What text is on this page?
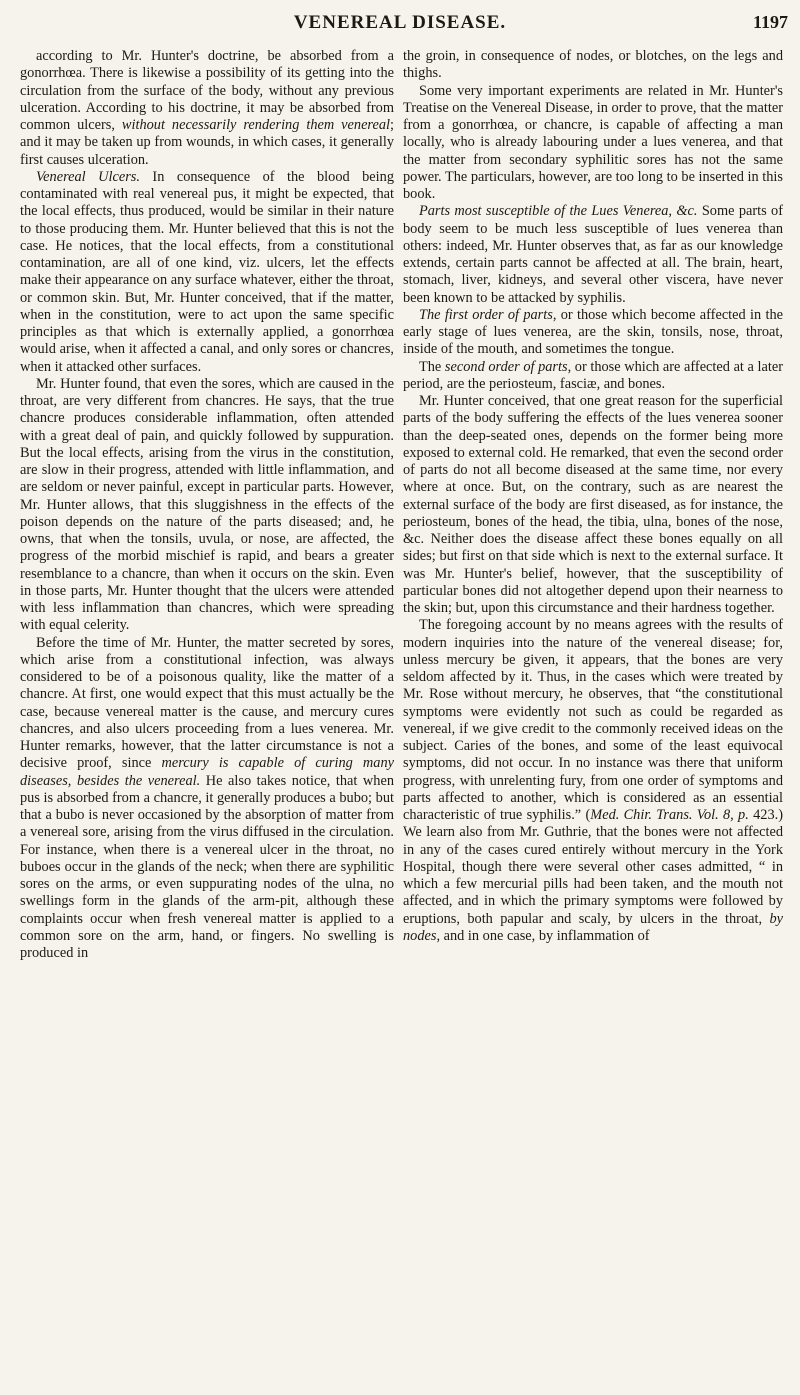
VENEREAL DISEASE.	1197

according to Mr. Hunter's doctrine, be absorbed from a gonorrhœa. There is likewise a possibility of its getting into the circulation from the surface of the body, without any previous ulceration. According to his doctrine, it may be absorbed from common ulcers, without necessarily rendering them venereal; and it may be taken up from wounds, in which cases, it generally first causes ulceration.

Venereal Ulcers. In consequence of the blood being contaminated with real venereal pus, it might be expected, that the local effects, thus produced, would be similar in their nature to those producing them. Mr. Hunter believed that this is not the case. He notices, that the local effects, from a constitutional contamination, are all of one kind, viz. ulcers, let the effects make their appearance on any surface whatever, either the throat, or common skin. But, Mr. Hunter conceived, that if the matter, when in the constitution, were to act upon the same specific principles as that which is externally applied, a gonorrhœa would arise, when it affected a canal, and only sores or chancres, when it attacked other surfaces.

Mr. Hunter found, that even the sores, which are caused in the throat, are very different from chancres. He says, that the true chancre produces considerable inflammation, often attended with a great deal of pain, and quickly followed by suppuration. But the local effects, arising from the virus in the constitution, are slow in their progress, attended with little inflammation, and are seldom or never painful, except in particular parts. However, Mr. Hunter allows, that this sluggishness in the effects of the poison depends on the nature of the parts diseased; and, he owns, that when the tonsils, uvula, or nose, are affected, the progress of the morbid mischief is rapid, and bears a greater resemblance to a chancre, than when it occurs on the skin. Even in those parts, Mr. Hunter thought that the ulcers were attended with less inflammation than chancres, which were spreading with equal celerity.

Before the time of Mr. Hunter, the matter secreted by sores, which arise from a constitutional infection, was always considered to be of a poisonous quality, like the matter of a chancre. At first, one would expect that this must actually be the case, because venereal matter is the cause, and mercury cures chancres, and also ulcers proceeding from a lues venerea. Mr. Hunter remarks, however, that the latter circumstance is not a decisive proof, since mercury is capable of curing many diseases, besides the venereal. He also takes notice, that when pus is absorbed from a chancre, it generally produces a bubo; but that a bubo is never occasioned by the absorption of matter from a venereal sore, arising from the virus diffused in the circulation. For instance, when there is a venereal ulcer in the throat, no buboes occur in the glands of the neck; when there are syphilitic sores on the arms, or even suppurating nodes of the ulna, no swellings form in the glands of the arm-pit, although these complaints occur when fresh venereal matter is applied to a common sore on the arm, hand, or fingers. No swelling is produced in

the groin, in consequence of nodes, or blotches, on the legs and thighs.

Some very important experiments are related in Mr. Hunter's Treatise on the Venereal Disease, in order to prove, that the matter from a gonorrhœa, or chancre, is capable of affecting a man locally, who is already labouring under a lues venerea, and that the matter from secondary syphilitic sores has not the same power. The particulars, however, are too long to be inserted in this book.

Parts most susceptible of the Lues Venerea, &c. Some parts of body seem to be much less susceptible of lues venerea than others: indeed, Mr. Hunter observes that, as far as our knowledge extends, certain parts cannot be affected at all. The brain, heart, stomach, liver, kidneys, and several other viscera, have never been known to be attacked by syphilis.

The first order of parts, or those which become affected in the early stage of lues venerea, are the skin, tonsils, nose, throat, inside of the mouth, and sometimes the tongue.

The second order of parts, or those which are affected at a later period, are the periosteum, fasciæ, and bones.

Mr. Hunter conceived, that one great reason for the superficial parts of the body suffering the effects of the lues venerea sooner than the deep-seated ones, depends on the former being more exposed to external cold. He remarked, that even the second order of parts do not all become diseased at the same time, nor every where at once. But, on the contrary, such as are nearest the external surface of the body are first diseased, as for instance, the periosteum, bones of the head, the tibia, ulna, bones of the nose, &c. Neither does the disease affect these bones equally on all sides; but first on that side which is next to the external surface. It was Mr. Hunter's belief, however, that the susceptibility of particular bones did not altogether depend upon their nearness to the skin; but, upon this circumstance and their hardness together.

The foregoing account by no means agrees with the results of modern inquiries into the nature of the venereal disease; for, unless mercury be given, it appears, that the bones are very seldom affected by it. Thus, in the cases which were treated by Mr. Rose without mercury, he observes, that “the constitutional symptoms were evidently not such as could be regarded as venereal, if we give credit to the commonly received ideas on the subject. Caries of the bones, and some of the least equivocal symptoms, did not occur. In no instance was there that uniform progress, with unrelenting fury, from one order of symptoms and parts affected to another, which is considered as an essential characteristic of true syphilis.” (Med. Chir. Trans. Vol. 8, p. 423.) We learn also from Mr. Guthrie, that the bones were not affected in any of the cases cured entirely without mercury in the York Hospital, though there were several other cases admitted, “ in which a few mercurial pills had been taken, and the mouth not affected, and in which the primary symptoms were followed by eruptions, both papular and scaly, by ulcers in the throat, by nodes, and in one case, by inflammation of
